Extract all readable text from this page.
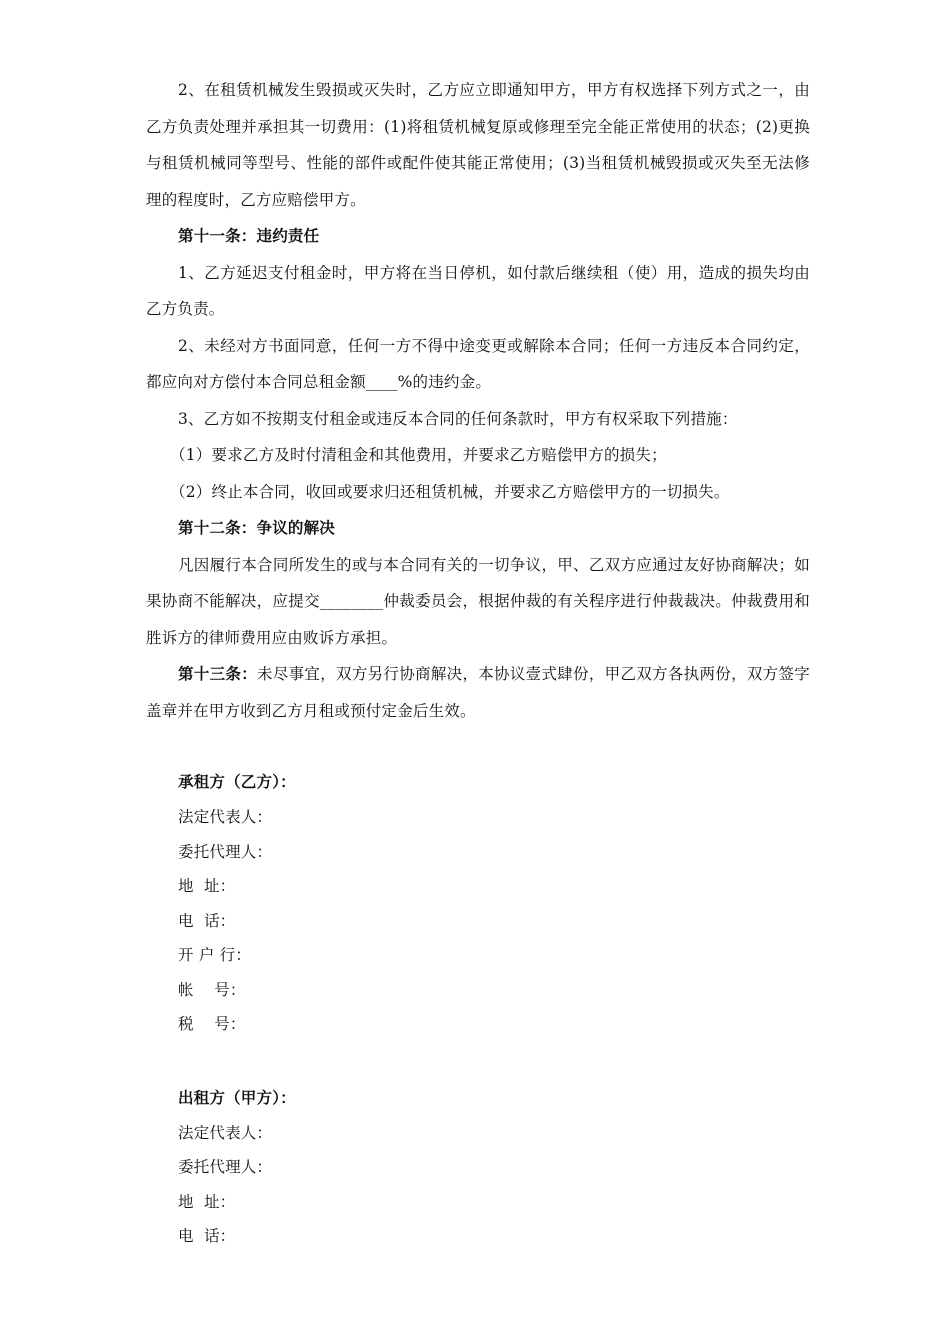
2、在租赁机械发生毁损或灭失时，乙方应立即通知甲方，甲方有权选择下列方式之一，由乙方负责处理并承担其一切费用：(1)将租赁机械复原或修理至完全能正常使用的状态；(2)更换与租赁机械同等型号、性能的部件或配件使其能正常使用；(3)当租赁机械毁损或灭失至无法修理的程度时，乙方应赔偿甲方。

第十一条：违约责任

1、乙方延迟支付租金时，甲方将在当日停机，如付款后继续租（使）用，造成的损失均由乙方负责。

2、未经对方书面同意，任何一方不得中途变更或解除本合同；任何一方违反本合同约定，都应向对方偿付本合同总租金额____%的违约金。

3、乙方如不按期支付租金或违反本合同的任何条款时，甲方有权采取下列措施：

（1）要求乙方及时付清租金和其他费用，并要求乙方赔偿甲方的损失；

（2）终止本合同，收回或要求归还租赁机械，并要求乙方赔偿甲方的一切损失。

第十二条：争议的解决

凡因履行本合同所发生的或与本合同有关的一切争议，甲、乙双方应通过友好协商解决；如果协商不能解决，应提交________仲裁委员会，根据仲裁的有关程序进行仲裁裁决。仲裁费用和胜诉方的律师费用应由败诉方承担。

第十三条：未尽事宜，双方另行协商解决，本协议壹式肆份，甲乙双方各执两份，双方签字盖章并在甲方收到乙方月租或预付定金后生效。

承租方（乙方）：

法定代表人：

委托代理人：

地  址：

电  话：

开 户 行：

帐    号：

税    号：

出租方（甲方）：

法定代表人：

委托代理人：

地  址：

电  话：
